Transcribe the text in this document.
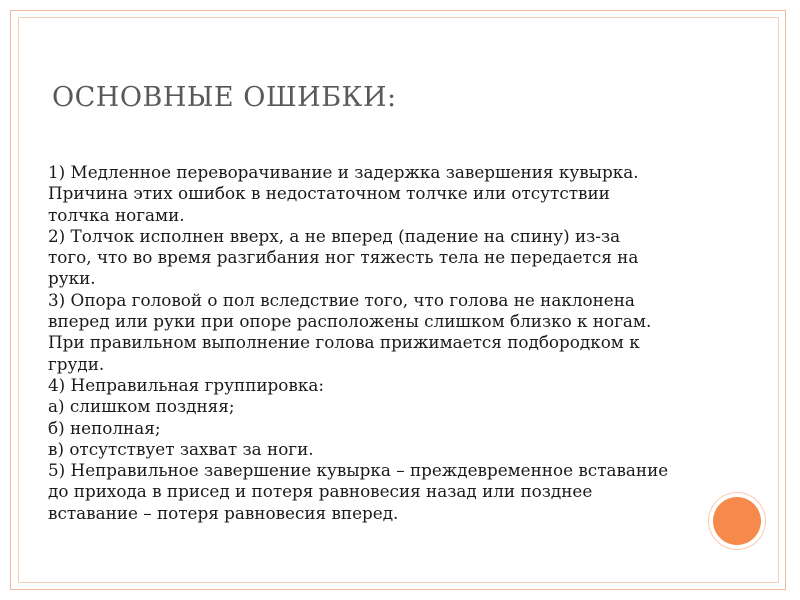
ОСНОВНЫЕ ОШИБКИ:
1) Медленное переворачивание и задержка завершения кувырка.
Причина этих ошибок в недостаточном толчке или отсутствии
толчка ногами.
2) Толчок исполнен вверх, а не вперед (падение на спину) из-за
того, что во время разгибания ног тяжесть тела не передается на
руки.
3) Опора головой о пол вследствие того, что голова не наклонена
вперед или руки при опоре расположены слишком близко к ногам.
При правильном выполнение голова прижимается подбородком к
груди.
4) Неправильная группировка:
а) слишком поздняя;
б) неполная;
в) отсутствует захват за ноги.
5) Неправильное завершение кувырка – преждевременное вставание
до прихода в присед и потеря равновесия назад или позднее
вставание – потеря равновесия вперед.
